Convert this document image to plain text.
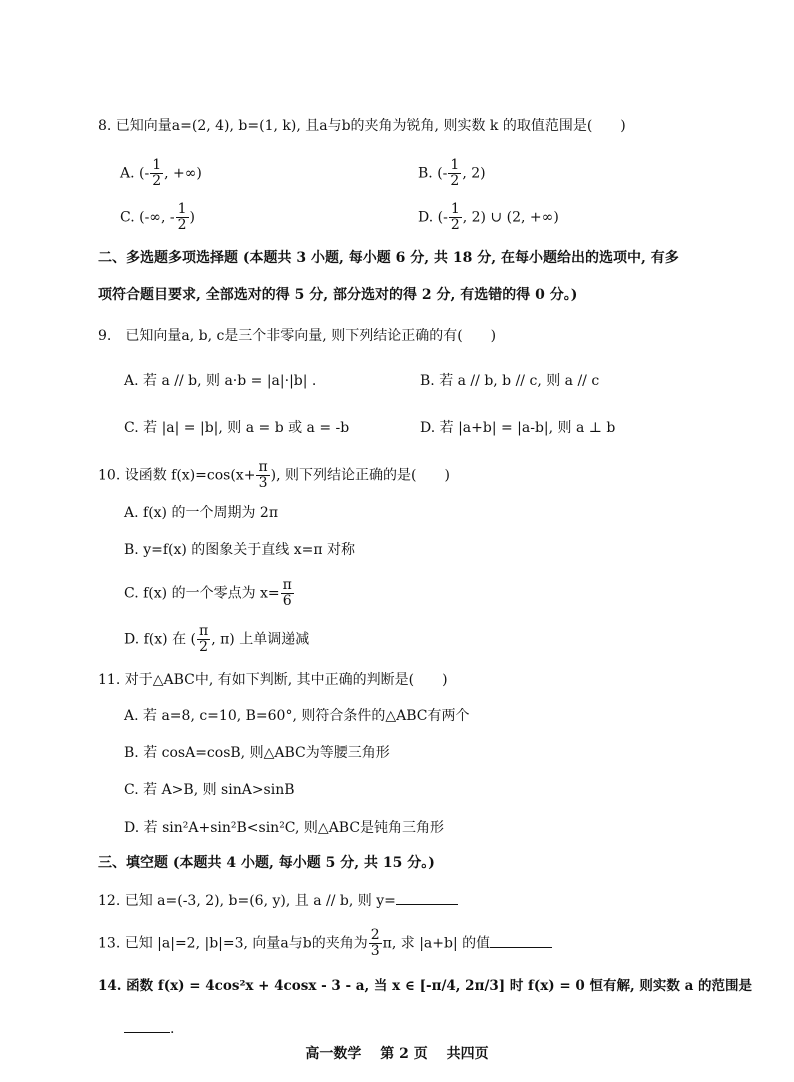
8. 已知向量a=(2, 4), b=(1, k), 且a与b的夹角为锐角, 则实数 k 的取值范围是(　　)
A. (- $\frac{1}{2}$ , +∞)	B. (- $\frac{1}{2}$ , 2)
C. (-∞, - $\frac{1}{2}$ )	D. (- $\frac{1}{2}$ , 2) ∪ (2, +∞)
二、多选题多项选择题 (本题共 3 小题, 每小题 6 分, 共 18 分, 在每小题给出的选项中, 有多
项符合题目要求, 全部选对的得 5 分, 部分选对的得 2 分, 有选错的得 0 分。)
9.　已知向量a, b, c是三个非零向量, 则下列结论正确的有(　　)
A. 若 a // b, 则 a·b = |a|·|b| .	B. 若 a // b, b // c, 则 a // c
C. 若 |a| = |b|, 则 a = b 或 a = -b	D. 若 |a+b| = |a-b|, 则 a ⊥ b
10. 设函数 $f(x)=\cos(x+ \frac{\pi}{3}$ ), 则下列结论正确的是(　　)
A. f(x) 的一个周期为 2π
B. y=f(x) 的图象关于直线 x=π 对称
C. f(x) 的一个零点为 $x= \frac{\pi}{6}$
D. f(x) 在 ( $\frac{\pi}{2}$ , π) 上单调递减
11. 对于△ABC中, 有如下判断, 其中正确的判断是(　　)
A. 若 a=8, c=10, B=60°, 则符合条件的△ABC有两个
B. 若 cosA=cosB, 则△ABC为等腰三角形
C. 若 A>B, 则 sinA>sinB
D. 若 sin²A+sin²B<sin²C, 则△ABC是钝角三角形
三、填空题 (本题共 4 小题, 每小题 5 分, 共 15 分。)
12. 已知 a=(-3, 2), b=(6, y), 且 a // b, 则 y=
13. 已知 |a|=2, |b|=3, 向量a与b的夹角为 $\frac{2}{3} \pi$, 求 |a+b| 的值
14. 函数 f(x) = 4cos²x + 4cosx - 3 - a, 当 x ∈ [-π/4, 2π/3] 时 f(x) = 0 恒有解, 则实数 a 的范围是
.
高一数学　 第 2 页　 共四页
